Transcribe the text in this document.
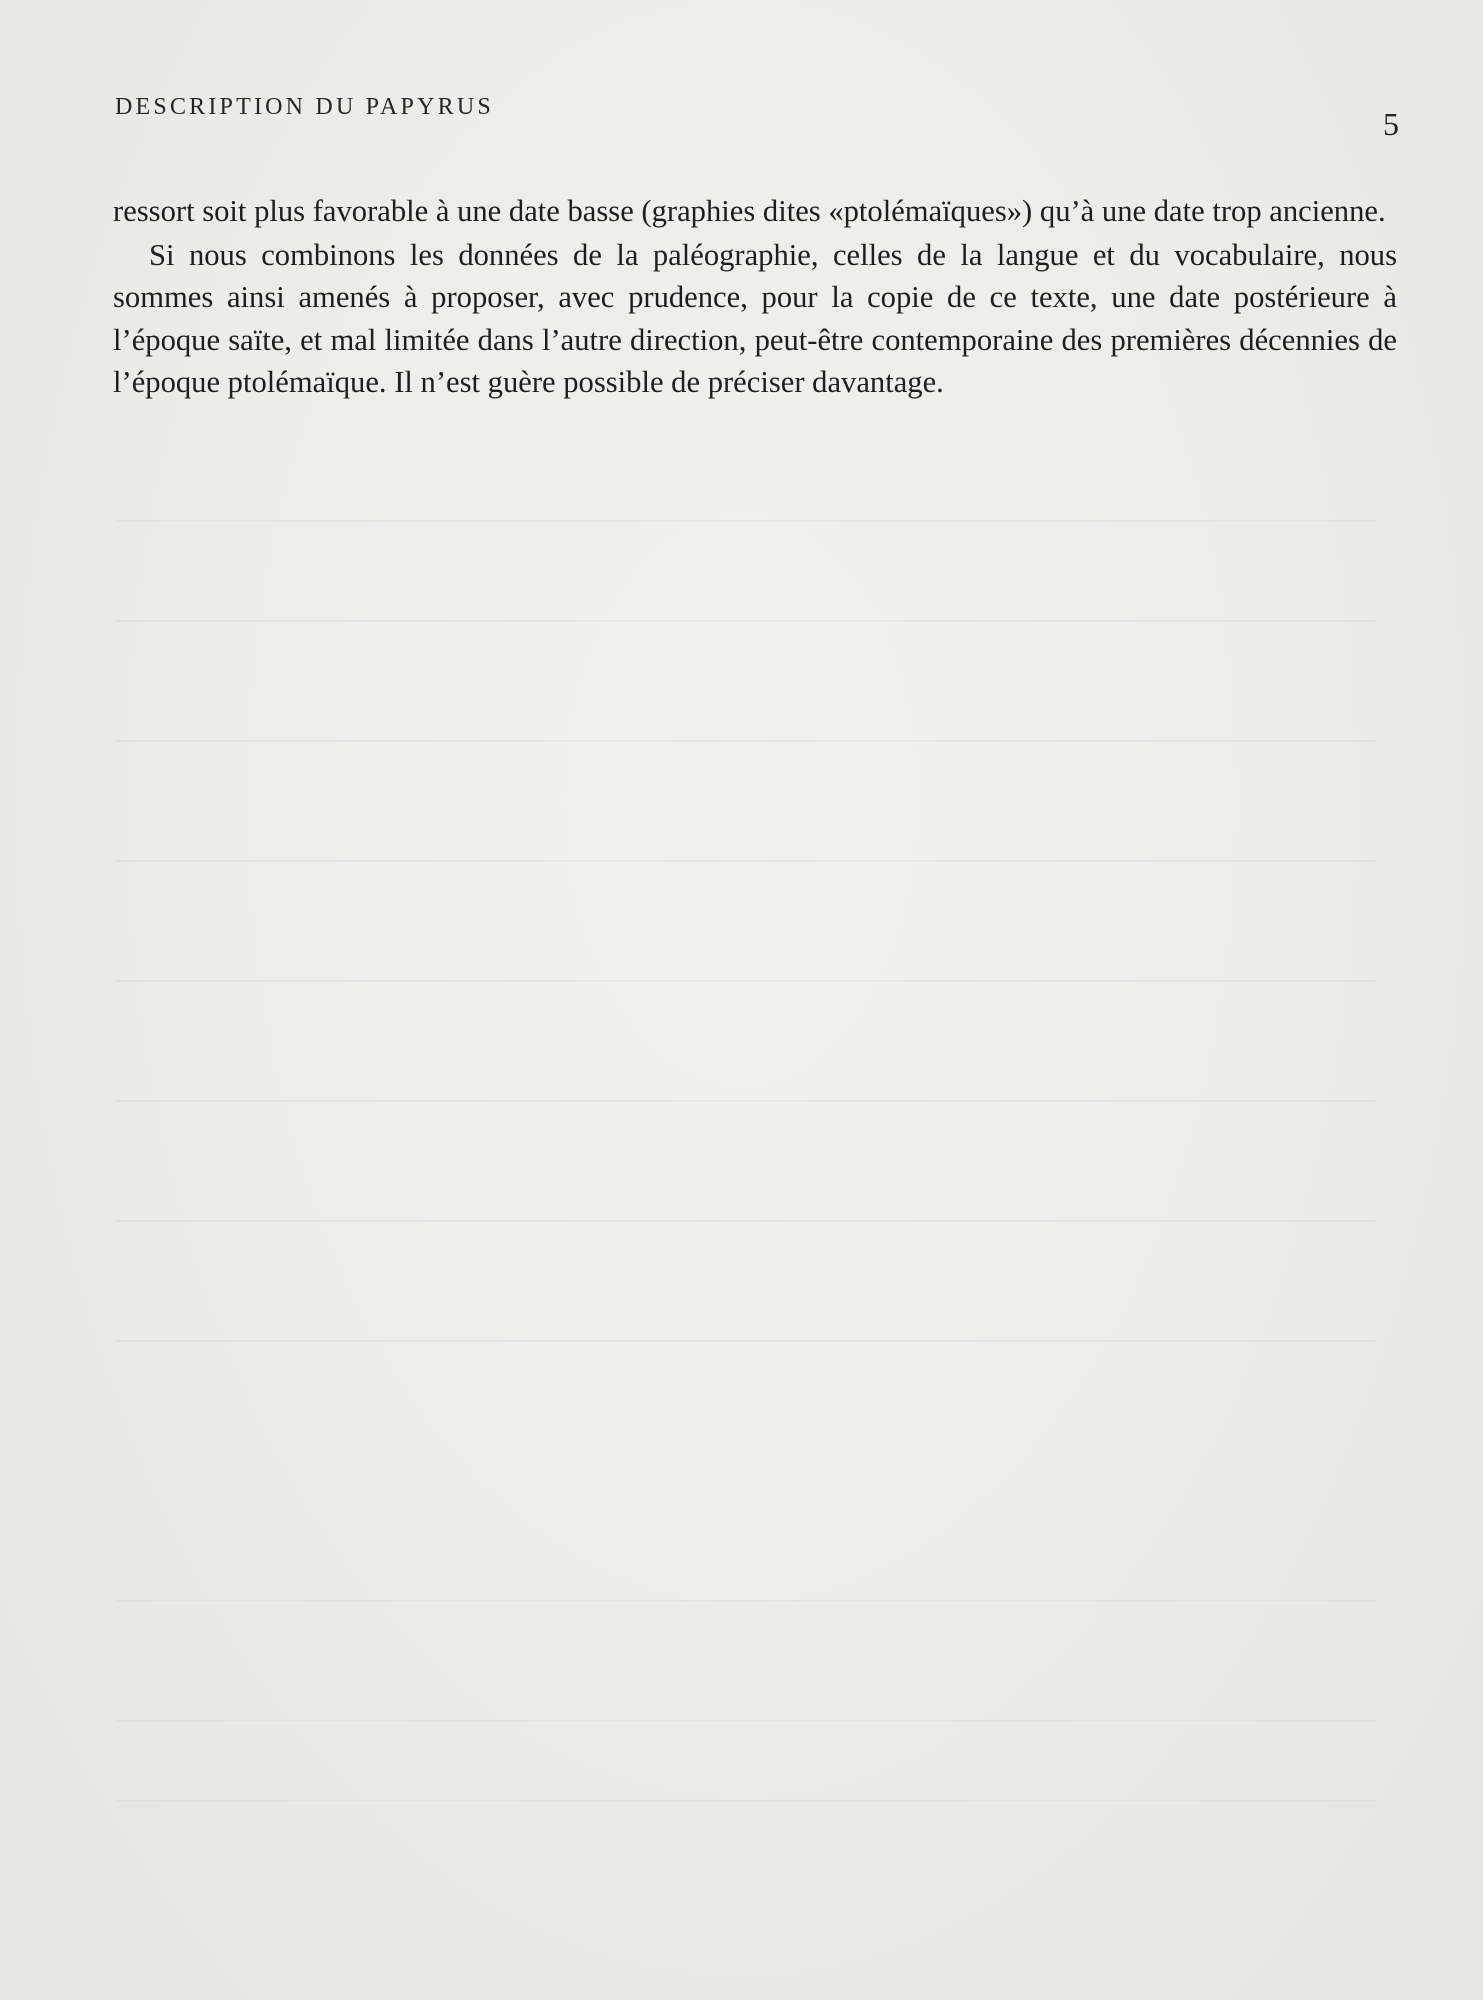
DESCRIPTION DU PAPYRUS	5

ressort soit plus favorable à une date basse (graphies dites «ptolémaïques») qu’à une date trop ancienne.

Si nous combinons les données de la paléographie, celles de la langue et du vocabulaire, nous sommes ainsi amenés à proposer, avec prudence, pour la copie de ce texte, une date postérieure à l’époque saïte, et mal limitée dans l’autre direction, peut-être contemporaine des premières décennies de l’époque ptolémaïque. Il n’est guère possible de préciser davantage.
